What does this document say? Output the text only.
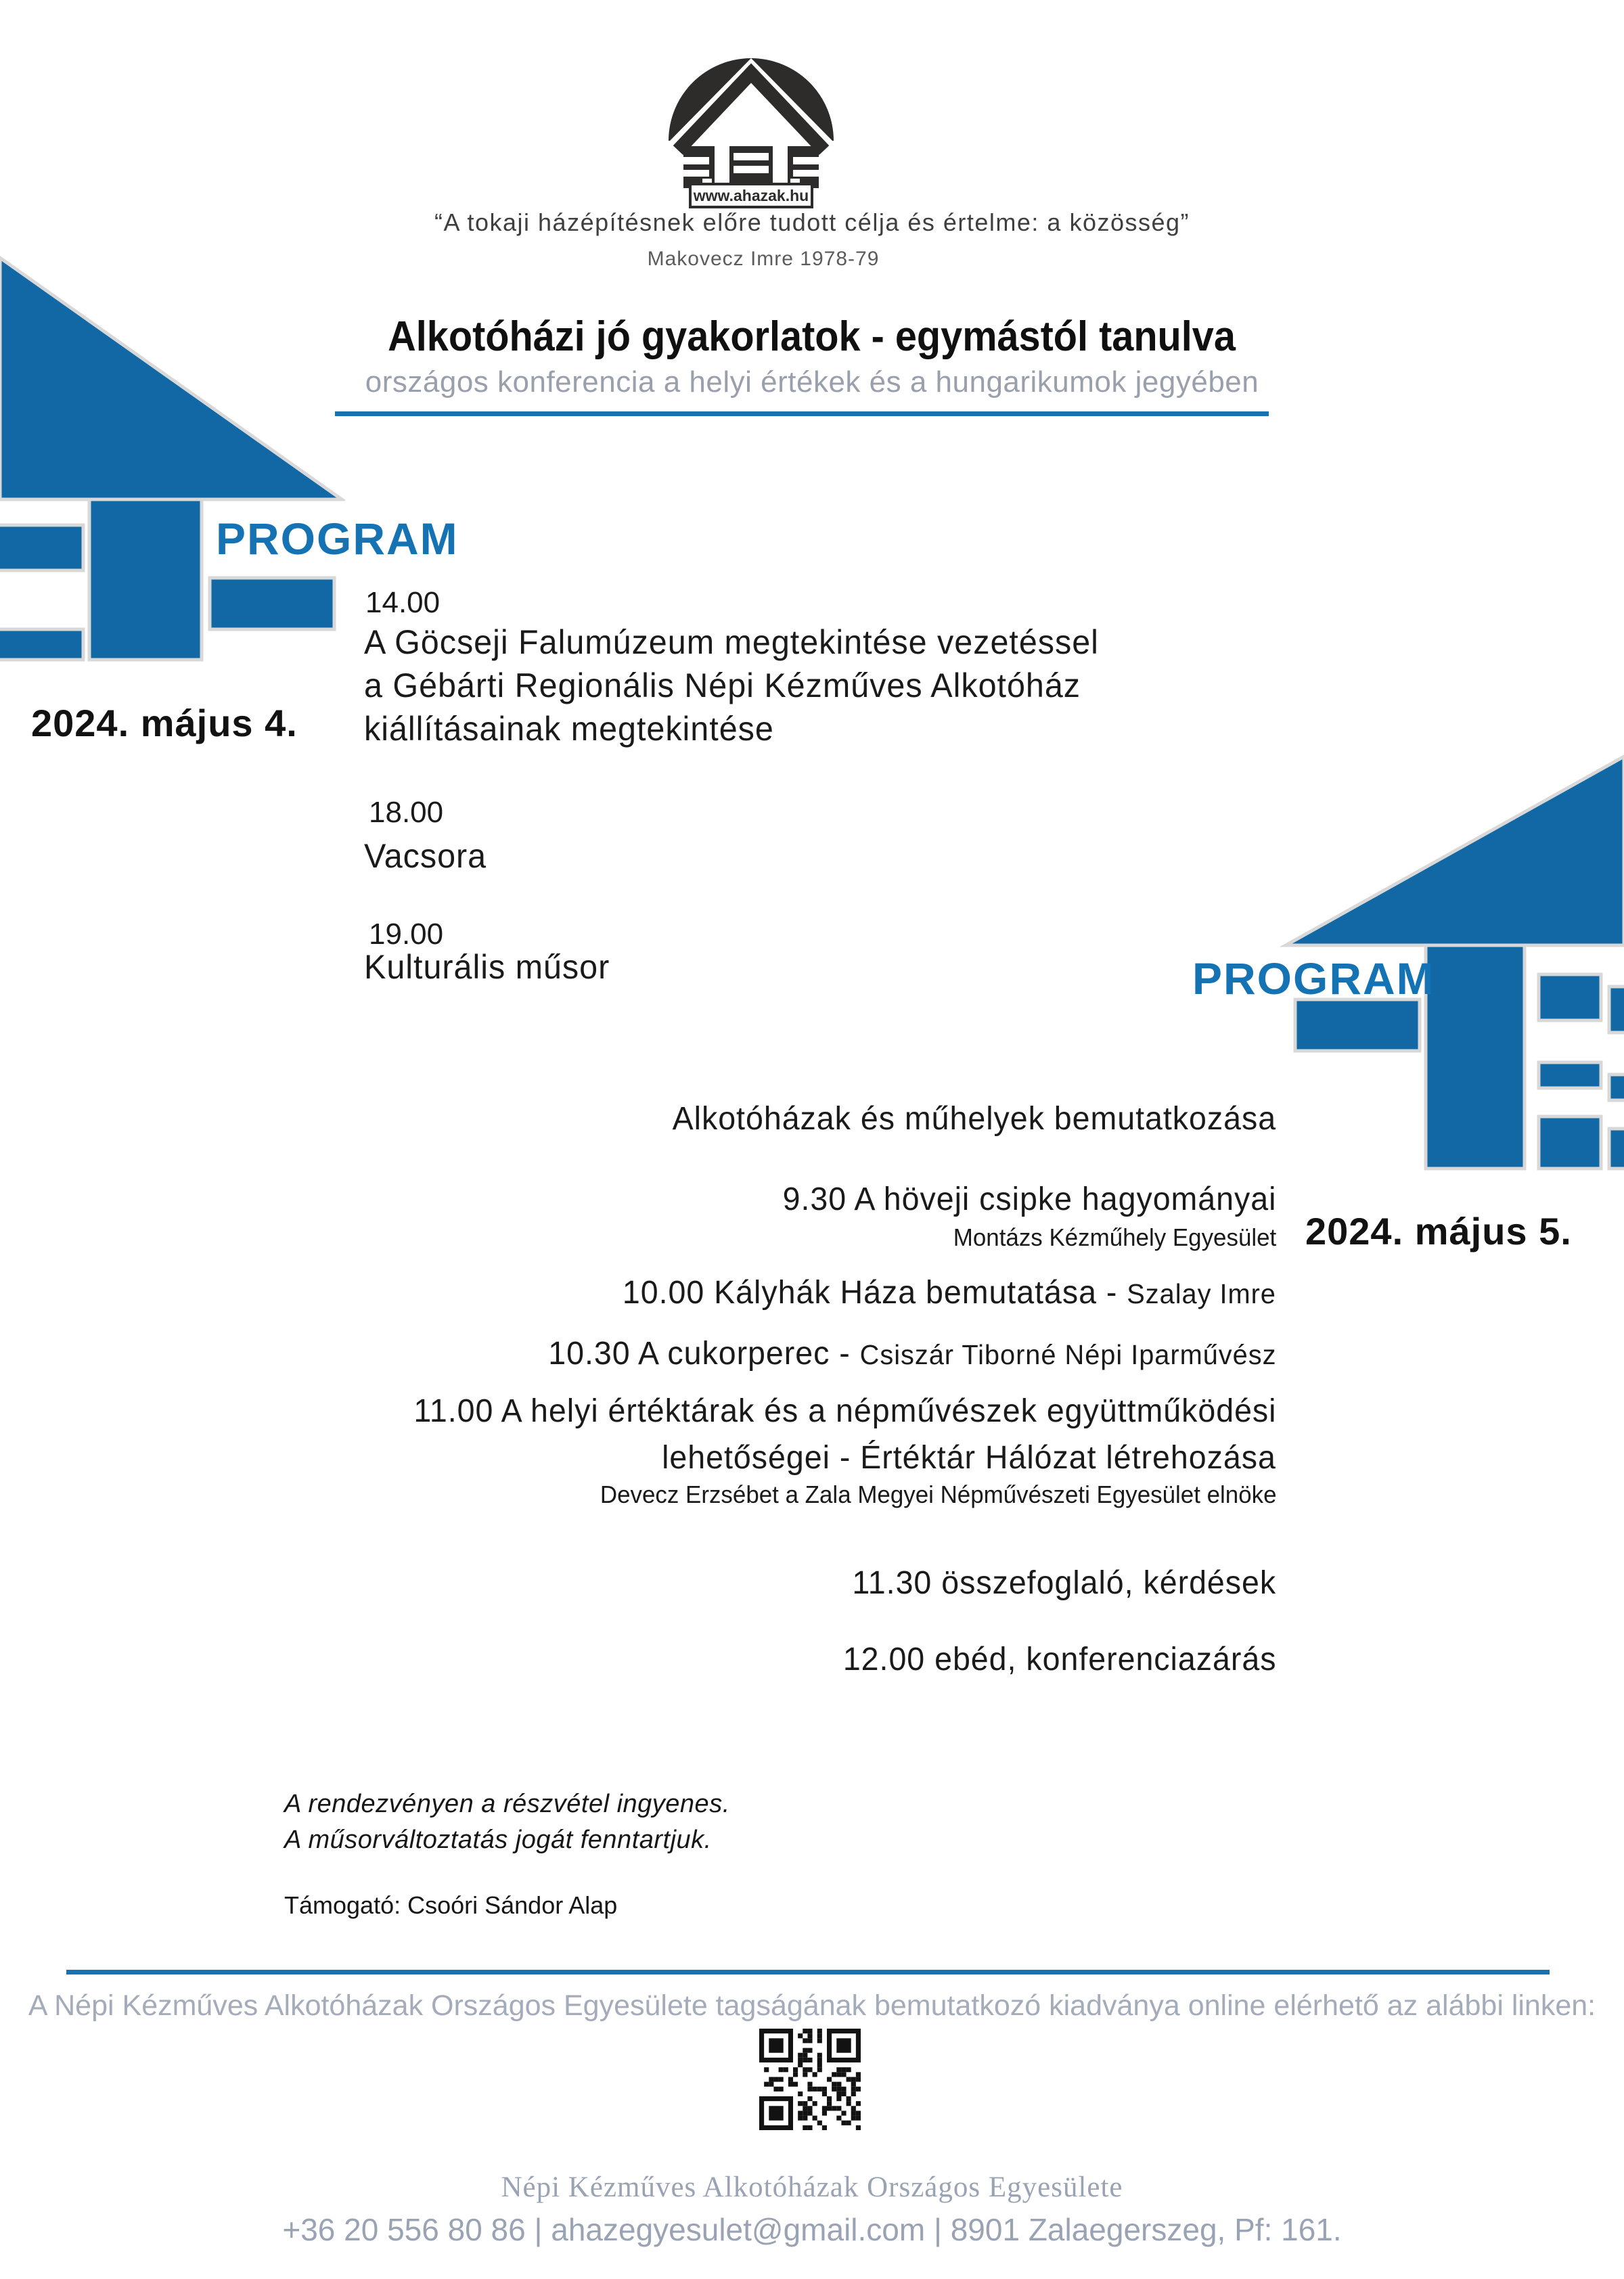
www.ahazak.hu
“A tokaji házépítésnek előre tudott célja és értelme: a közösség”
Makovecz Imre 1978-79
Alkotóházi jó gyakorlatok - egymástól tanulva
országos konferencia a helyi értékek és a hungarikumok jegyében
PROGRAM
2024. május 4.
14.00
A Göcseji Falumúzeum megtekintése vezetéssel
a Gébárti Regionális Népi Kézműves Alkotóház
kiállításainak megtekintése
18.00
Vacsora
19.00
Kulturális műsor	PROGRAM
2024. május 5.
Alkotóházak és műhelyek bemutatkozása
9.30 A höveji csipke hagyományai
Montázs Kézműhely Egyesület
10.00 Kályhák Háza bemutatása - Szalay Imre
10.30 A cukorperec - Csiszár Tiborné Népi Iparművész
11.00 A helyi értéktárak és a népművészek együttműködési
lehetőségei - Értéktár Hálózat létrehozása
Devecz Erzsébet a Zala Megyei Népművészeti Egyesület elnöke
11.30 összefoglaló, kérdések
12.00 ebéd, konferenciazárás
A rendezvényen a részvétel ingyenes.
A műsorváltoztatás jogát fenntartjuk.
Támogató: Csoóri Sándor Alap
A Népi Kézműves Alkotóházak Országos Egyesülete tagságának bemutatkozó kiadványa online elérhető az alábbi linken:
Népi Kézműves Alkotóházak Országos Egyesülete
+36 20 556 80 86 | ahazegyesulet@gmail.com | 8901 Zalaegerszeg, Pf: 161.
